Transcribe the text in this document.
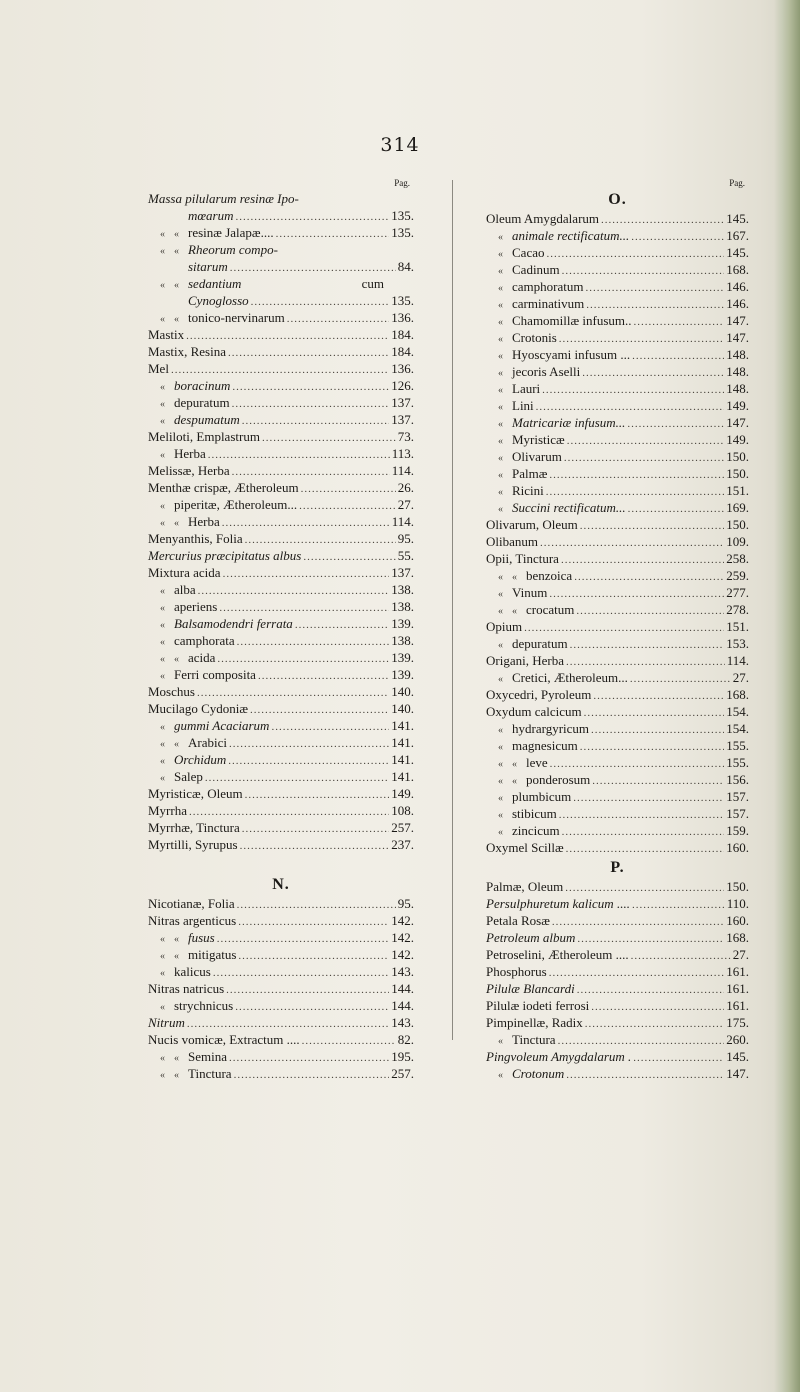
314
Pag.
Massa pilularum resinæ Ipo-
mœarum .....	135.
« « resinæ Jalapæ.... .....	135.
« « Rheorum compo-
sitarum .....	84.
« « sedantium	cum
Cynoglosso .....	135.
« « tonico-nervinarum .....	136.
Mastix .....	184.
Mastix, Resina .....	184.
Mel .....	136.
« boracinum .....	126.
« depuratum .....	137.
« despumatum .....	137.
Meliloti, Emplastrum .....	73.
« Herba .....	113.
Melissæ, Herba .....	114.
Menthæ crispæ, Ætheroleum .....	26.
« piperitæ, Ætheroleum... .....	27.
« « Herba .....	114.
Menyanthis, Folia .....	95.
Mercurius præcipitatus albus .....	55.
Mixtura acida .....	137.
« alba .....	138.
« aperiens .....	138.
« Balsamodendri ferrata .....	139.
« camphorata .....	138.
« « acida .....	139.
« Ferri composita .....	139.
Moschus .....	140.
Mucilago Cydoniæ .....	140.
« gummi Acaciarum .....	141.
« « Arabici .....	141.
« Orchidum .....	141.
« Salep .....	141.
Myristicæ, Oleum .....	149.
Myrrha .....	108.
Myrrhæ, Tinctura .....	257.
Myrtilli, Syrupus .....	237.
N.
Nicotianæ, Folia .....	95.
Nitras argenticus .....	142.
« « fusus .....	142.
« « mitigatus .....	142.
« kalicus .....	143.
Nitras natricus .....	144.
« strychnicus .....	144.
Nitrum .....	143.
Nucis vomicæ, Extractum .... .....	82.
« « Semina .....	195.
« « Tinctura .....	257.
Pag.
O.
Oleum Amygdalarum .....	145.
« animale rectificatum... .....	167.
« Cacao .....	145.
« Cadinum .....	168.
« camphoratum .....	146.
« carminativum .....	146.
« Chamomillæ infusum.. .....	147.
« Crotonis .....	147.
« Hyoscyami infusum ... .....	148.
« jecoris Aselli .....	148.
« Lauri .....	148.
« Lini .....	149.
« Matricariæ infusum... .....	147.
« Myristicæ .....	149.
« Olivarum .....	150.
« Palmæ .....	150.
« Ricini .....	151.
« Succini rectificatum... .....	169.
Olivarum, Oleum .....	150.
Olibanum .....	109.
Opii, Tinctura .....	258.
« « benzoica .....	259.
« Vinum .....	277.
« « crocatum .....	278.
Opium .....	151.
« depuratum .....	153.
Origani, Herba .....	114.
« Cretici, Ætheroleum... .....	27.
Oxycedri, Pyroleum .....	168.
Oxydum calcicum .....	154.
« hydrargyricum .....	154.
« magnesicum .....	155.
« « leve .....	155.
« « ponderosum .....	156.
« plumbicum .....	157.
« stibicum .....	157.
« zincicum .....	159.
Oxymel Scillæ .....	160.
P.
Palmæ, Oleum .....	150.
Persulphuretum kalicum .... .....	110.
Petala Rosæ .....	160.
Petroleum album .....	168.
Petroselini, Ætheroleum .... .....	27.
Phosphorus .....	161.
Pilulæ Blancardi .....	161.
Pilulæ iodeti ferrosi .....	161.
Pimpinellæ, Radix .....	175.
« Tinctura .....	260.
Pingvoleum Amygdalarum . .....	145.
« Crotonum .....	147.
